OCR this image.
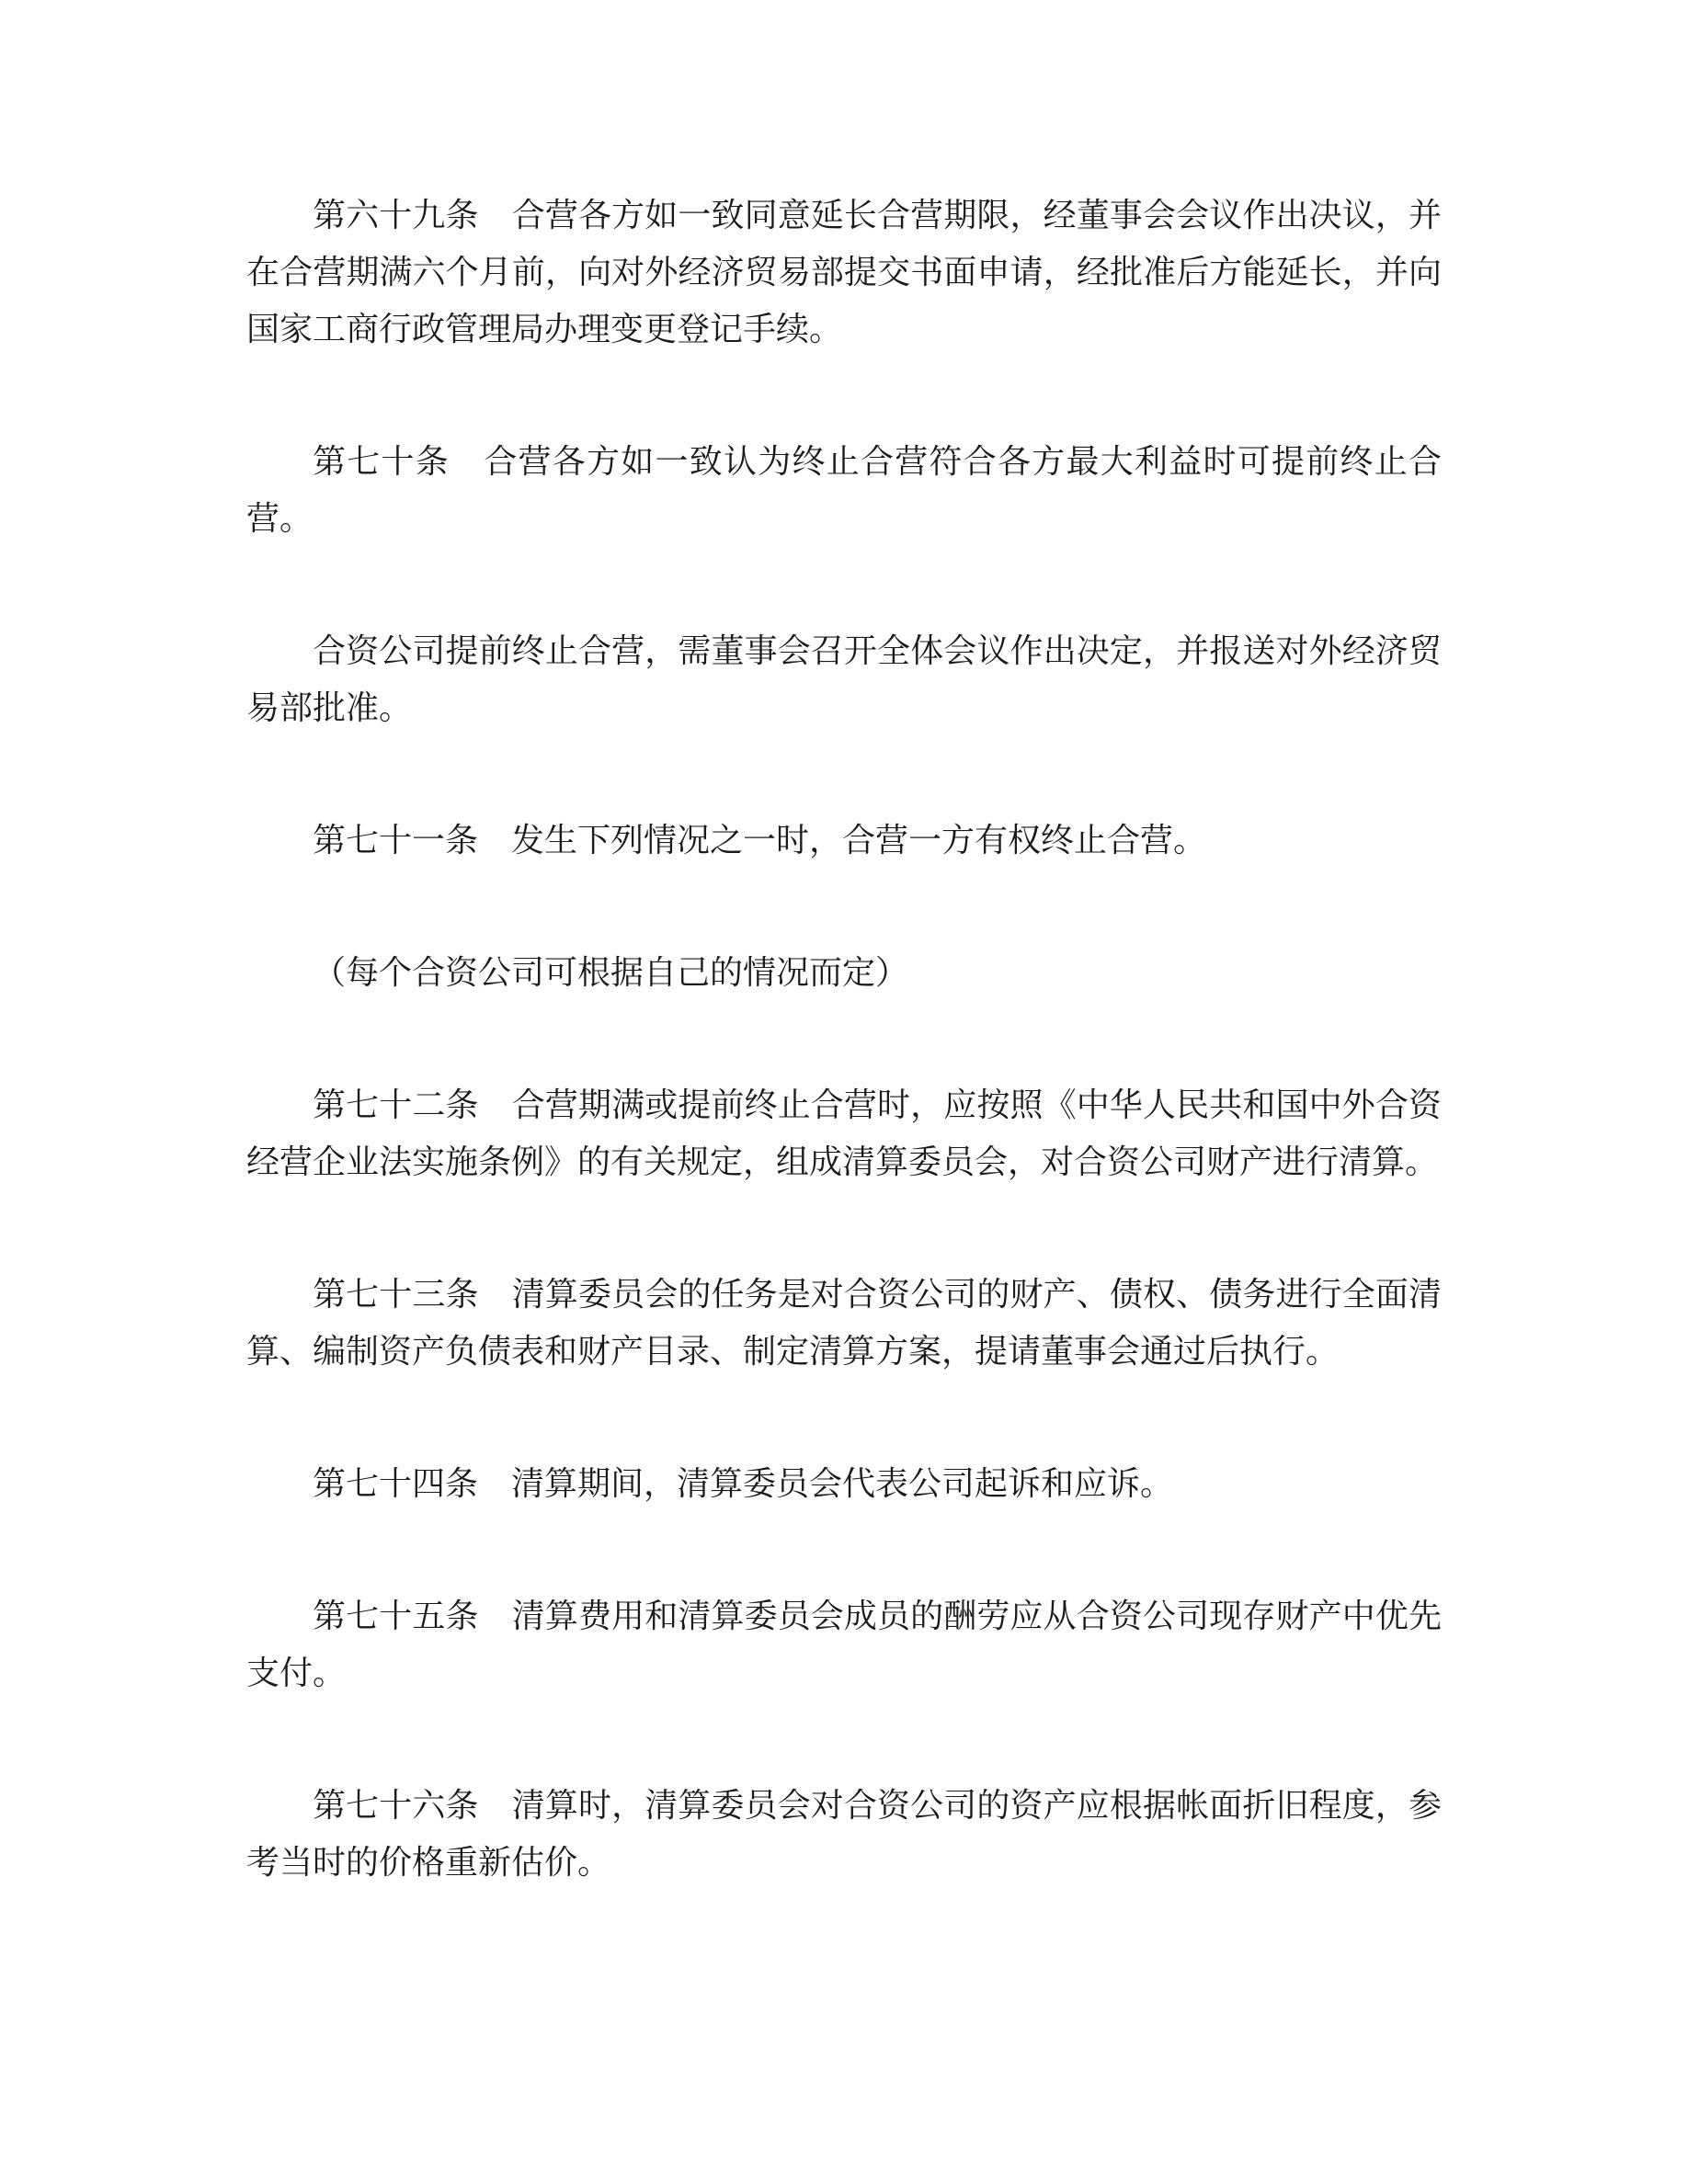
第六十九条　合营各方如一致同意延长合营期限，经董事会会议作出决议，并在合营期满六个月前，向对外经济贸易部提交书面申请，经批准后方能延长，并向国家工商行政管理局办理变更登记手续。

第七十条　合营各方如一致认为终止合营符合各方最大利益时可提前终止合营。

合资公司提前终止合营，需董事会召开全体会议作出决定，并报送对外经济贸易部批准。

第七十一条　发生下列情况之一时，合营一方有权终止合营。

（每个合资公司可根据自己的情况而定）

第七十二条　合营期满或提前终止合营时，应按照《中华人民共和国中外合资经营企业法实施条例》的有关规定，组成清算委员会，对合资公司财产进行清算。

第七十三条　清算委员会的任务是对合资公司的财产、债权、债务进行全面清算、编制资产负债表和财产目录、制定清算方案，提请董事会通过后执行。

第七十四条　清算期间，清算委员会代表公司起诉和应诉。

第七十五条　清算费用和清算委员会成员的酬劳应从合资公司现存财产中优先支付。

第七十六条　清算时，清算委员会对合资公司的资产应根据帐面折旧程度，参考当时的价格重新估价。
